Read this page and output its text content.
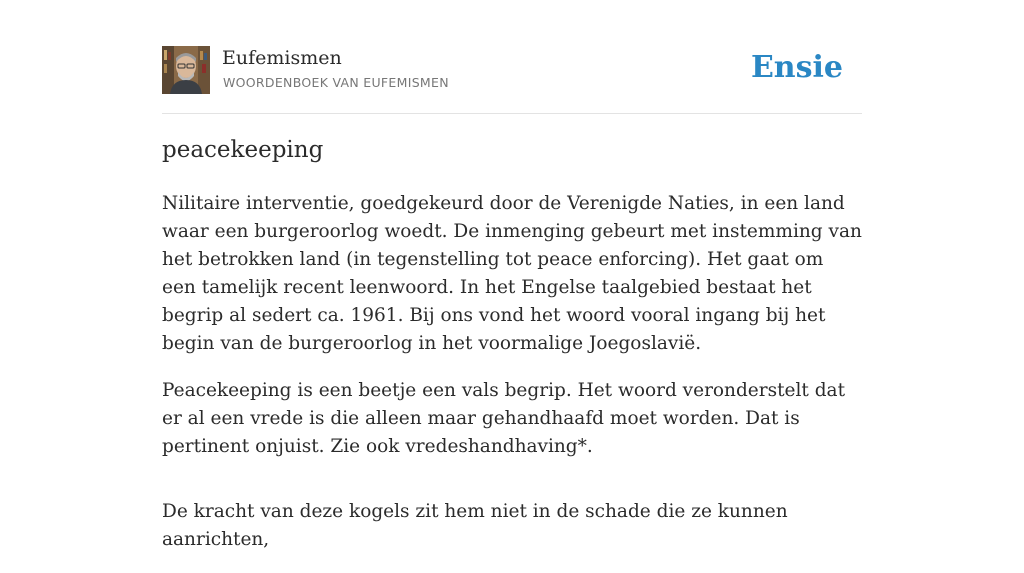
Eufemismen
WOORDENBOEK VAN EUFEMISMEN	Ensie
peacekeeping

Nilitaire interventie, goedgekeurd door de Verenigde Naties, in een land waar een burgeroorlog woedt. De inmenging gebeurt met instemming van het betrokken land (in tegenstelling tot peace enforcing). Het gaat om een tamelijk recent leenwoord. In het Engelse taalgebied bestaat het begrip al sedert ca. 1961. Bij ons vond het woord vooral ingang bij het begin van de burgeroorlog in het voormalige Joegoslavië.

Peacekeeping is een beetje een vals begrip. Het woord veronderstelt dat er al een vrede is die alleen maar gehandhaafd moet worden. Dat is pertinent onjuist. Zie ook vredeshandhaving*.

De kracht van deze kogels zit hem niet in de schade die ze kunnen aanrichten,
